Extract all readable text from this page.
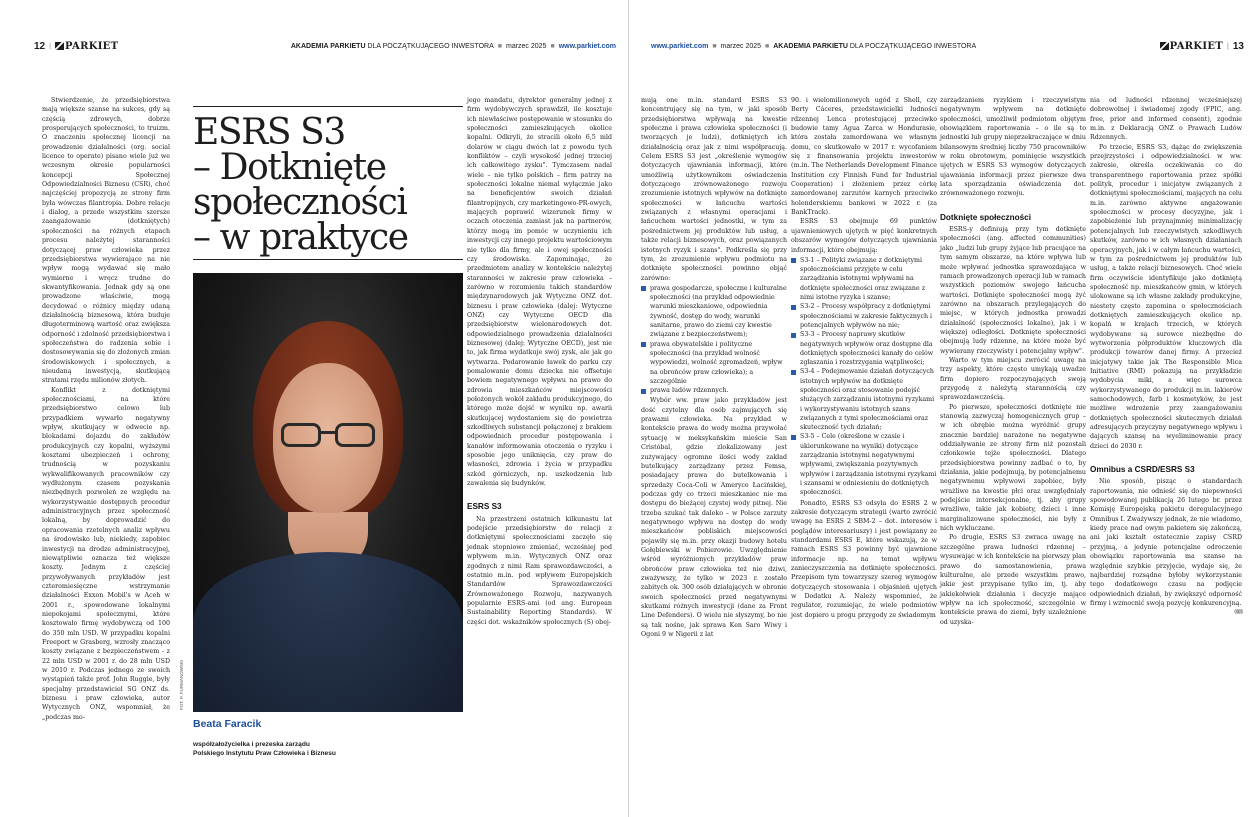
12 | PARKIET	AKADEMIA PARKIETU DLA POCZĄTKUJĄCEGO INWESTORA ■ marzec 2025 ■ www.parkiet.com

Stwierdzenie, że przedsiębiorstwa mają większe szanse na sukces, gdy są częścią zdrowych, dobrze prosperujących społeczności, to truizm. O znaczeniu społecznej licencji na prowadzenie działalności (org. social licence to operate) pisano wiele już we wczesnym okresie popularności koncepcji Społecznej Odpowiedzialności Biznesu (CSR), choć najczęściej propozycją ze strony firm była wówczas filantropia. Dobre relacje i dialog, a przede wszystkim szersze zaangażowanie (dotkniętych) społeczności na różnych etapach procesu należytej staranności dotyczącej praw człowieka przez przedsiębiorstwa wywierające na nie wpływ mogą wydawać się mało wymierne i wręcz trudne do skwantyfikowania. Jednak gdy są one prowadzone właściwie, mogą decydować o różnicy między udaną działalnością biznesową, która buduje długoterminową wartość oraz zwiększa odporność i zdolność przedsiębiorstwa i społeczeństwa do radzenia sobie i dostosowywania się do złożonych zmian środowiskowych i społecznych, a nieudaną inwestycją, skutkującą stratami rzędu milionów złotych.

Konflikt z dotkniętymi społecznościami, na które przedsiębiorstwo celowo lub przypadkiem wywarło negatywny wpływ, skutkujący w odwecie np. blokadami dojazdu do zakładów produkcyjnych czy kopalni, wyższymi kosztami ubezpieczeń i ochrony, trudnością w pozyskaniu wykwalifikowanych pracowników czy wydłużonym czasem pozyskania niezbędnych pozwoleń ze względu na wykorzystywanie dostępnych procedur administracyjnych przez społeczność lokalną, by doprowadzić do opracowania rzetelnych analiz wpływu na środowisko lub, niekiedy, zapobiec inwestycji na drodze administracyjnej, niewątpliwie oznacza też większe koszty. Jednym z częściej przywoływanych przykładów jest czteromiesięczne wstrzymanie działalności Exxon Mobil's w Aceh w 2001 r., spowodowane lokalnymi niepokojami społecznymi, które kosztowało firmę wydobywczą od 100 do 350 mln USD. W przypadku kopalni Freeport w Grasberg, wzrosły znacząco koszty związane z bezpieczeństwem - z 22 mln USD w 2001 r. do 28 mln USD w 2010 r. Podczas jednego ze swoich wystąpień także prof. John Ruggie, były specjalny przedstawiciel SG ONZ ds. biznesu i praw człowieka, autor Wytycznych ONZ, wspomniał, że „podczas mo-

ESRS S3
– Dotknięte
społeczności
– w praktyce
FOT. P. FURMANOWSKI
Beata Faracik
współzałożycielka i prezeska zarządu
Polskiego Instytutu Praw Człowieka i Biznesu

jego mandatu, dyrektor generalny jednej z firm wydobywczych sprawdził, ile kosztuje ich niewłaściwe postępowanie w stosunku do społeczności zamieszkujących okolice kopalni. Odkryli, że stracili około 6,5 mld dolarów w ciągu dwóch lat z powodu tych konfliktów – czyli wysokość jednej trzeciej ich całkowitego zysku". Tymczasem nadal wiele – nie tylko polskich – firm patrzy na społeczności lokalne niemal wyłącznie jako na beneficjentów swoich działań filantropijnych, czy marketingowo-PR-owych, mających poprawić wizerunek firmy w oczach otoczenia zamiast jak na partnerów, którzy mogą im pomóc w uczynieniu ich inwestycji czy innego projektu wartościowym nie tylko dla firmy, ale i owej społeczności czy środowiska. Zapominając, że przedmiotem analizy w kontekście należytej staranności w zakresie praw człowieka – zarówno w rozumieniu takich standardów międzynarodowych jak Wytyczne ONZ dot. biznesu i praw człowieka (dalej: Wytyczne ONZ) czy Wytyczne OECD dla przedsiębiorstw wielonarodowych dot. odpowiedzialnego prowadzenia działalności biznesowej (dalej: Wytyczne OECD), jest nie to, jak firma wydatkuje swój zysk, ale jak go wytwarza. Podarowanie ławek do parku czy pomalowanie domu dziecka nie offsetuje bowiem negatywnego wpływu na prawo do zdrowia mieszkańców miejscowości położonych wokół zakładu produkcyjnego, do którego może dojść w wyniku np. awarii skutkującej wydostaniem się do powietrza szkodliwych substancji połączonej z brakiem odpowiednich procedur postępowania i kanałów informowania otoczenia o ryzyku i sposobie jego uniknięcia, czy praw do własności, zdrowia i życia w przypadku szkód górniczych, np. uszkodzenia lub zawalenia się budynków.

ESRS S3

Na przestrzeni ostatnich kilkunastu lat podejście przedsiębiorstw do relacji z dotkniętymi społecznościami zaczęło się jednak stopniowo zmieniać, wcześniej pod wpływem m.in. Wytycznych ONZ oraz zgodnych z nimi Ram sprawozdawczości, a ostatnio m.in. pod wpływem Europejskich Standardów Sprawozdawczości Zrównoważonego Rozwoju, nazywanych popularnie ESRS-ami (od ang. European Sustainability Reporting Standards). W części dot. wskaźników społecznych (S) obej-

www.parkiet.com ■ marzec 2025 ■ AKADEMIA PARKIETU DLA POCZĄTKUJĄCEGO INWESTORA	PARKIET | 13

mują one m.in. standard ESRS S3 koncentrujący się na tym, w jaki sposób przedsiębiorstwa wpływają na kwestie społeczne i prawa człowieka społeczności (i tworzących je ludzi), dotkniętych ich działalnością oraz jak z nimi współpracują. Celem ESRS S3 jest „określenie wymogów dotyczących ujawniania informacji, które umożliwią użytkownikom oświadczenia dotyczącego zrównoważonego rozwoju zrozumienie istotnych wpływów na dotknięte społeczności w łańcuchu wartości związanych z własnymi operacjami i łańcuchem wartości jednostki, w tym za pośrednictwem jej produktów lub usług, a także relacji biznesowych, oraz powiązanych istotnych ryzyk i szans". Podkreśla się przy tym, że zrozumienie wpływu podmiotu na dotknięte społeczności powinno objąć zarówno:

prawa gospodarcze, społeczne i kulturalne społeczności (na przykład odpowiednie warunki mieszkaniowe, odpowiednia żywność, dostęp do wody, warunki sanitarne, prawo do ziemi czy kwestie związane z bezpieczeństwem);
prawa obywatelskie i polityczne społeczności (na przykład wolność wypowiedzi, wolność zgromadzeń, wpływ na obrońców praw człowieka); a szczególnie
prawa ludów rdzennych.

Wybór ww. praw jako przykładów jest dość czytelny dla osób zajmujących się prawami człowieka. Na przykład w kontekście prawa do wody można przywołać sytuację w meksykańskim mieście San Cristóbal, gdzie zlokalizowany jest zużywający ogromne ilości wody zakład butelkujący zarządzany przez Femsa, posiadający prawa do butelkowania i sprzedaży Coca-Coli w Ameryce Łacińskiej, podczas gdy co trzeci mieszkaniec nie ma dostępu do bieżącej czystej wody pitnej. Nie trzeba szukać tak daleko – w Polsce zarzuty negatywnego wpływu na dostęp do wody mieszkańców pobliskich miejscowości pojawiły się m.in. przy okazji budowy hotelu Gołębiewski w Pobierowie. Uwzględnienie wśród wyróżnionych przykładów praw obrońców praw człowieka też nie dziwi, zważywszy, że tylko w 2023 r. zostało zabitych ok. 300 osób działających w obronie swoich społeczności przed negatywnymi skutkami różnych inwestycji (dane za Front Line Defenders). O wielu nie słyszymy, bo nie są tak nośne, jak sprawa Ken Saro Wiwy i Ogoni 9 w Nigerii z lat

90. i wielomilionowych ugód z Shell, czy Berty Cáceres, przedstawicielki ludności rdzennej Lenca protestującej przeciwko budowie tamy Agua Zarca w Hondurasie, która została zamordowana we własnym domu, co skutkowało w 2017 r. wycofaniem się z finansowania projektu inwestorów (m.in. The Netherlands Development Finance Institution czy Finnish Fund for Industrial Cooperation) i złożeniem przez córkę zamordowanej zarzutów karnych przeciwko holenderskiemu bankowi w 2022 r. (za BankTrack).

ESRS S3 obejmuje 69 punktów ujawnieniowych ujętych w pięć konkretnych obszarów wymogów dotyczących ujawniania informacji, które obejmują:

S3-1 – Polityki związane z dotkniętymi społecznościami przyjęte w celu zarządzania istotnymi wpływami na dotknięte społeczności oraz związane z nimi istotne ryzyka i szanse;
S3-2 – Procesy współpracy z dotkniętymi społecznościami w zakresie faktycznych i potencjalnych wpływów na nie;
S3-3 – Procesy naprawy skutków negatywnych wpływów oraz dostępne dla dotkniętych społeczności kanały do celów zgłaszania i rozstrzygania wątpliwości;
S3-4 – Podejmowanie działań dotyczących istotnych wpływów na dotknięte społeczności oraz stosowanie podejść służących zarządzaniu istotnymi ryzykami i wykorzystywaniu istotnych szans związanych z tymi społecznościami oraz skuteczność tych działań;
S3-5 – Cele (określone w czasie i ukierunkowane na wyniki) dotyczące zarządzania istotnymi negatywnymi wpływami, zwiększania pozytywnych wpływów i zarządzania istotnymi ryzykami i szansami w odniesieniu do dotkniętych społeczności.

Ponadto, ESRS S3 odsyła do ESRS 2 w zakresie dotyczącym strategii (warto zwrócić uwagę na ESRS 2 SBM-2 – dot. interesów i poglądów interesariuszy) i jest powiązany ze standardami ESRS E, które wskazują, że w ramach ESRS S3 powinny być ujawnione informacje np. na temat wpływu zanieczyszczenia na dotknięte społeczności. Przepisom tym towarzyszy szereg wymogów dotyczących stosowania i objaśnień ujętych w Dodatku A. Należy wspomnieć, że regulator, rozumiejąc, że wiele podmiotów jest dopiero u progu przygody ze świadomym

zarządzaniem ryzykiem i rzeczywistym negatywnym wpływem na dotknięte społeczności, umożliwił podmiotom objętym obowiązkiem raportowania – o ile są to jednostki lub grupy nieprzekraczające w dniu bilansowym średniej liczby 750 pracowników w roku obrotowym, pominięcie wszystkich ujętych w ESRS S3 wymogów dotyczących ujawniania informacji przez pierwsze dwa lata sporządzania oświadczenia dot. zrównoważonego rozwoju.

Dotknięte społeczności

ESRS-y definiują przy tym dotknięte społeczności (ang. affected communities) jako „ludzi lub grupy żyjące lub pracujące na tym samym obszarze, na które wpływa lub może wpływać jednostka sprawozdająca w ramach prowadzonych operacji lub w ramach wszystkich poziomów swojego łańcucha wartości. Dotknięte społeczności mogą żyć zarówno na obszarach przylegających do miejsc, w których jednostka prowadzi działalność (społeczności lokalne), jak i w większej odległości. Dotknięte społeczności obejmują ludy rdzenne, na które może być wywierany rzeczywisty i potencjalny wpływ".

Warto w tym miejscu zwrócić uwagę na trzy aspekty, które często umykają uwadze firm dopiero rozpoczynających swoją przygodę z należytą starannością czy sprawozdawczością.

Po pierwsze, społeczności dotknięte nie stanowią zazwyczaj homogenicznych grup – w ich obrębie można wyróżnić grupy znacznie bardziej narażone na negatywne oddziaływanie ze strony firm niż pozostali członkowie tejże społeczności. Dlatego przedsiębiorstwa powinny zadbać o to, by działania, jakie podejmują, by potencjalnemu negatywnemu wpływowi zapobiec, były wrażliwe na kwestie płci oraz uwzględniały podejście intersekcjonalne, tj. aby grupy wrażliwe, takie jak kobiety, dzieci i inne marginalizowane społeczności, nie były z nich wykluczane.

Po drugie, ESRS S3 zwraca uwagę na szczególne prawa ludności rdzennej – wysuwając w ich kontekście na pierwszy plan prawo do samostanowienia, prawa kulturalne, ale przede wszystkim prawo, jakie jest przypisane tylko im, tj. aby jakiekolwiek działania i decyzje mające wpływ na ich społeczność, szczególnie w kontekście prawa do ziemi, były uzależnione od uzyska-

nia od ludności rdzennej wcześniejszej dobrowolnej i świadomej zgody (FPIC, ang. free, prior and informed consent), zgodnie m.in. z Deklaracją ONZ o Prawach Ludów Rdzennych.

Po trzecie, ESRS S3, dążąc do zwiększenia przejrzystości i odpowiedzialności w ww. zakresie, określa oczekiwania co do transparentnego raportowania przez spółki polityk, procedur i inicjatyw związanych z dotkniętymi społecznościami, mających na celu m.in. zarówno aktywne angażowanie społeczności w procesy decyzyjne, jak i zapobieżenie lub przynajmniej minimalizację potencjalnych lub rzeczywistych szkodliwych skutków, zarówno w ich własnych działaniach operacyjnych, jak i w całym łańcuchu wartości, w tym za pośrednictwem jej produktów lub usług, a także relacji biznesowych. Choć wiele firm oczywiście identyfikuje jako dotkniętą społeczność np. mieszkańców gmin, w których ulokowane są ich własne zakłady produkcyjne, niestety często zapomina o społecznościach dotkniętych zamieszkujących okolice np. kopalń w krajach trzecich, w których wydobywane są surowce niezbędne do wytworzenia półproduktów kluczowych dla produkcji towarów danej firmy. A przecież inicjatywy takie jak The Responsible Mica Initiative (RMI) pokazują na przykładzie wydobycia miki, a więc surowca wykorzystywanego do produkcji m.in. lakierów samochodowych, farb i kosmetyków, że jest możliwe wdrożenie przy zaangażowaniu dotkniętych społeczności skutecznych działań adresujących przyczyny negatywnego wpływu i dających szansę na wyeliminowanie pracy dzieci do 2030 r.

Omnibus a CSRD/ESRS S3

Nie sposób, pisząc o standardach raportowania, nie odnieść się do niepewności spowodowanej publikacją 26 lutego br. przez Komisję Europejską pakietu deregulacyjnego Omnibus I. Zważywszy jednak, że nie wiadomo, kiedy prace nad owym pakietem się zakończą, ani jaki kształt ostatecznie zapisy CSRD przyjmą, a jedynie potencjalne odroczenie obowiązku raportowania ma szanse na względnie szybkie przyjęcie, wydaje się, że najbardziej rozsądne byłoby wykorzystanie tego dodatkowego czasu na podjęcie odpowiednich działań, by zwiększyć odporność firmy i wzmocnić swoją pozycję konkurencyjną.
®®
